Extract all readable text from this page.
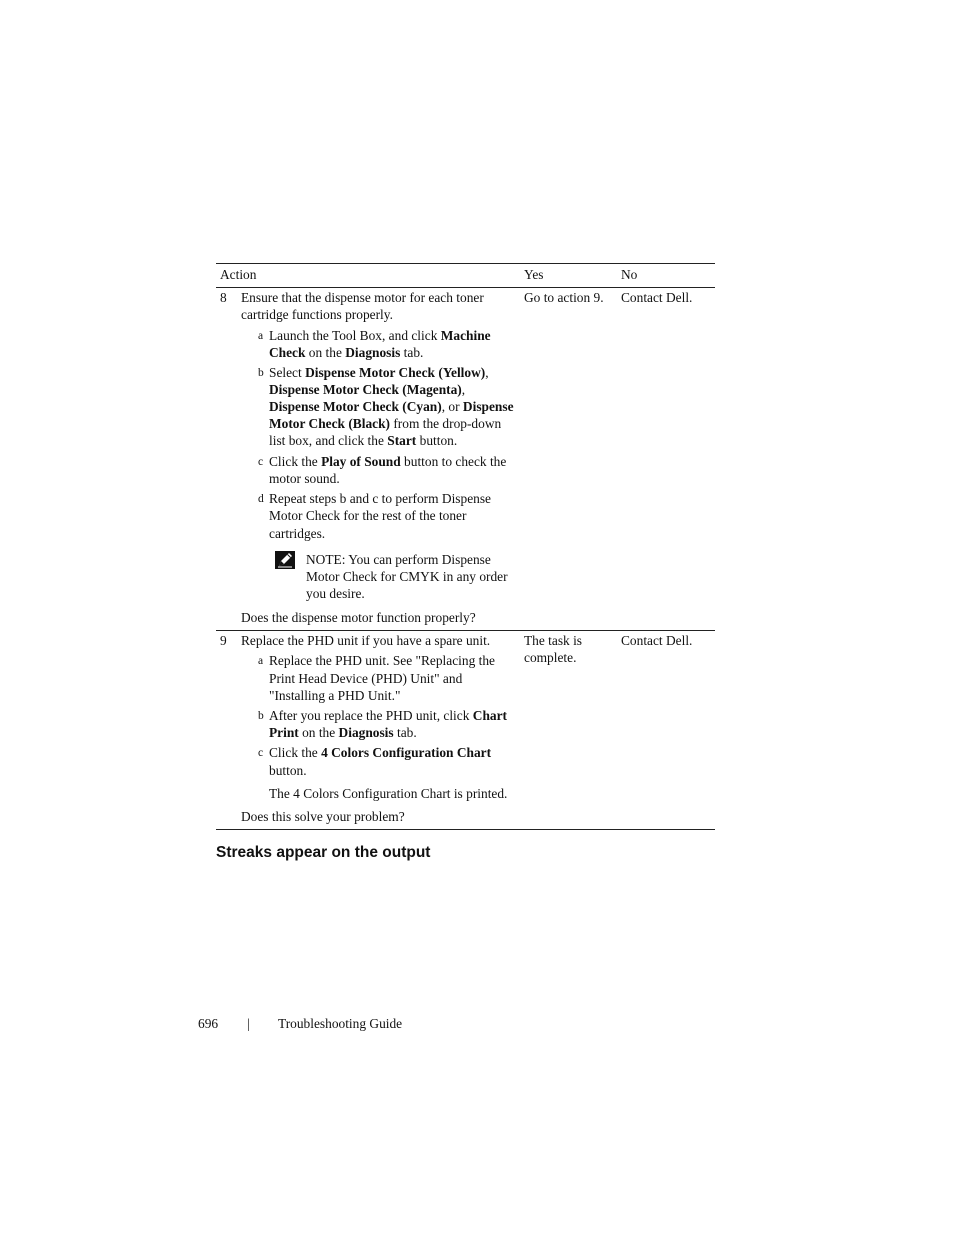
Action	Yes	No
8 Ensure that the dispense motor for each toner
cartridge functions properly.
a Launch the Tool Box, and click Machine
Check on the Diagnosis tab.
b Select Dispense Motor Check (Yellow),
Dispense Motor Check (Magenta),
Dispense Motor Check (Cyan), or Dispense
Motor Check (Black) from the drop-down
list box, and click the Start button.
c Click the Play of Sound button to check the
motor sound.
d Repeat steps b and c to perform Dispense
Motor Check for the rest of the toner
cartridges.
NOTE: You can perform Dispense
Motor Check for CMYK in any order
you desire.
Does the dispense motor function properly?
Go to action 9. Contact Dell.
9 Replace the PHD unit if you have a spare unit.
a Replace the PHD unit. See "Replacing the
Print Head Device (PHD) Unit" and
"Installing a PHD Unit."
b After you replace the PHD unit, click Chart
Print on the Diagnosis tab.
c Click the 4 Colors Configuration Chart
button.
The 4 Colors Configuration Chart is printed.
Does this solve your problem?
The task is
complete.
Contact Dell.
Streaks appear on the output
696 | Troubleshooting Guide
